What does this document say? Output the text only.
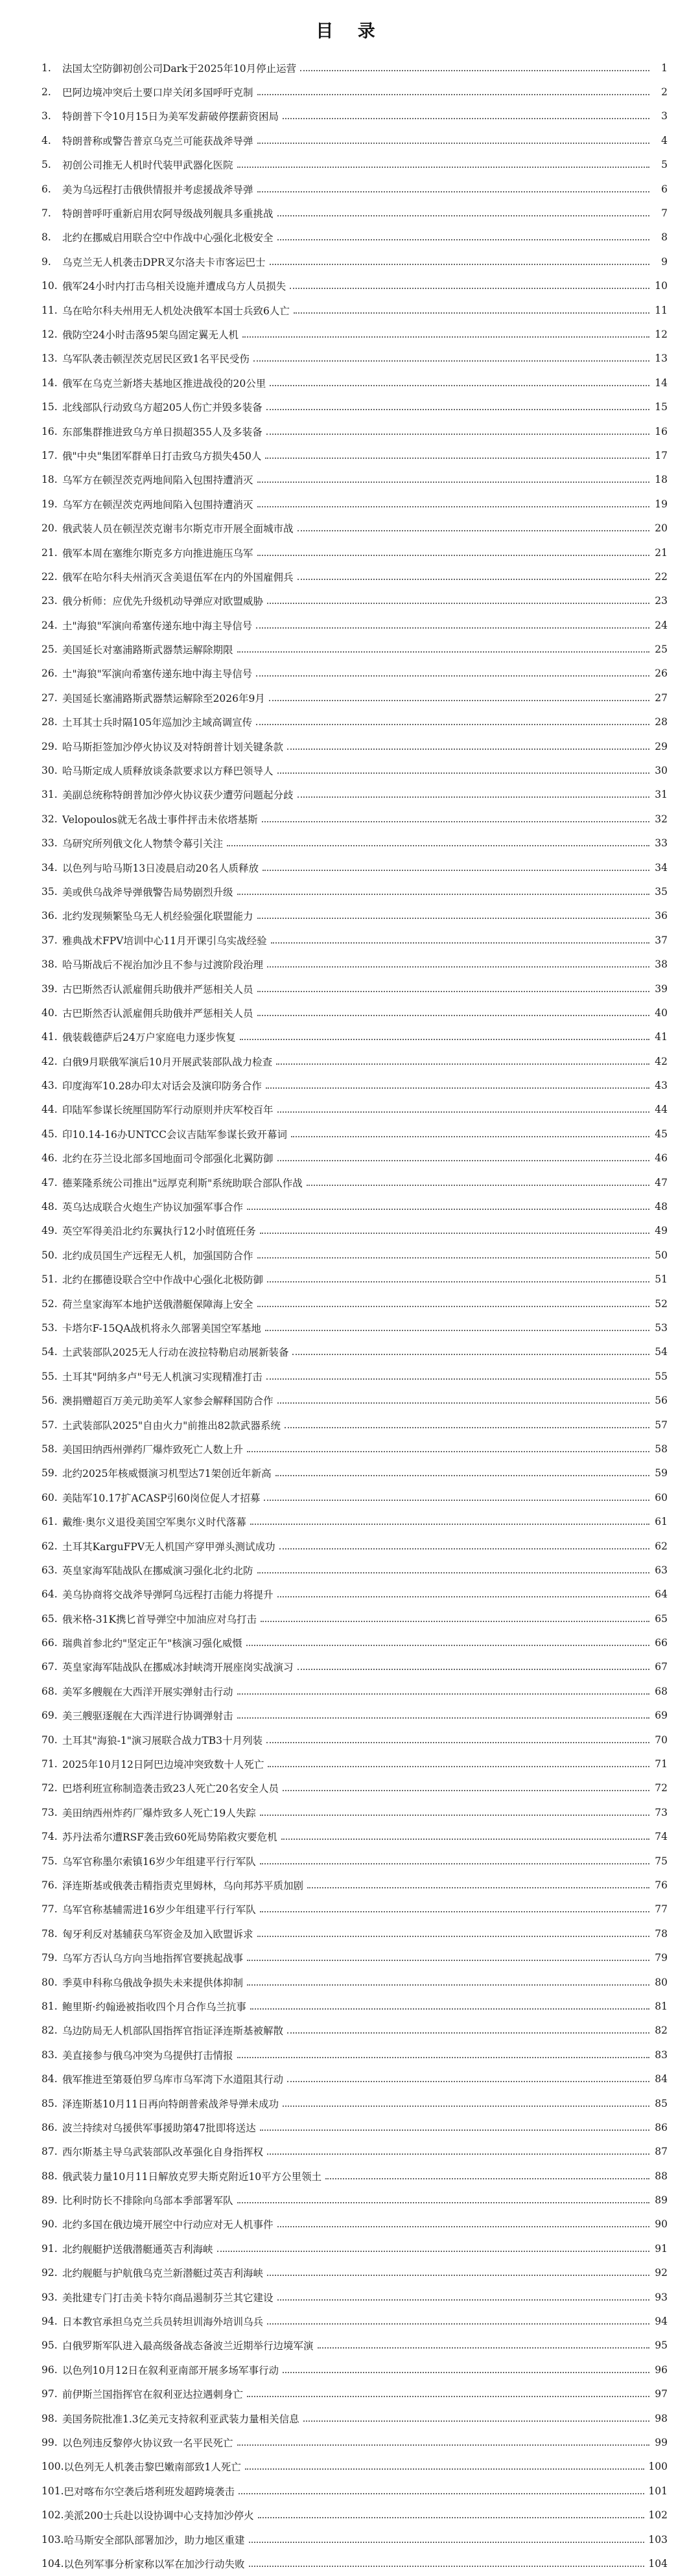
目 录
1.	法国太空防御初创公司Dark于2025年10月停止运营	1
2.	巴阿边境冲突后土要口岸关闭多国呼吁克制	2
3.	特朗普下令10月15日为美军发薪破停摆薪资困局	3
4.	特朗普称或警告普京乌克兰可能获战斧导弹	4
5.	初创公司推无人机时代装甲武器化医院	5
6.	美为乌远程打击俄供情报并考虑援战斧导弹	6
7.	特朗普呼吁重新启用农阿导级战列舰具多重挑战	7
8.	北约在挪威启用联合空中作战中心强化北极安全	8
9.	乌克兰无人机袭击DPR叉尔洛夫卡市客运巴士	9
10. 俄军24小时内打击乌相关设施并遭成乌方人员损失	10
11. 乌在哈尔科夫州用无人机处决俄军本国士兵致6人亡	11
12. 俄防空24小时击落95架乌固定翼无人机	12
13. 乌军队袭击顿涅茨克居民区致1名平民受伤	13
14. 俄军在乌克兰新塔夫基地区推进战役的20公里	14
15. 北线部队行动致乌方超205人伤亡并毁多装备	15
16. 东部集群推进致乌方单日损超355人及多装备	16
17. 俄"中央"集团军群单日打击致乌方损失450人	17
18. 乌军方在顿涅茨克两地间陷入包围持遭消灭	18
19. 乌军方在顿涅茨克两地间陷入包围持遭消灭	19
20. 俄武装人员在顿涅茨克谢韦尔斯克市开展全面城市战	20
21. 俄军本周在塞维尔斯克多方向推进施压乌军	21
22. 俄军在哈尔科夫州消灭含美退伍军在内的外国雇佣兵	22
23. 俄分析师：应优先升级机动导弹应对欧盟威胁	23
24. 土"海狼"军演向希塞传递东地中海主导信号	24
25. 美国延长对塞浦路斯武器禁运解除期限	25
26. 土"海狼"军演向希塞传递东地中海主导信号	26
27. 美国延长塞浦路斯武器禁运解除至2026年9月	27
28. 土耳其士兵时隔105年巡加沙主域高调宣传	28
29. 哈马斯拒签加沙停火协议及对特朗普计划关键条款	29
30. 哈马斯定成人质释放谈条款要求以方释巴领导人	30
31. 美副总统称特朗普加沙停火协议获少遭劳问题起分歧	31
32. Velopoulos就无名战士事件抨击未依塔基斯	32
33. 乌研究所列俄文化人物禁令幕引关注	33
34. 以色列与哈马斯13日凌晨启动20名人质释放	34
35. 美或供乌战斧导弹俄警告局势剧烈升级	35
36. 北约发现频繁坠乌无人机经验强化联盟能力	36
37. 雅典战术FPV培训中心11月开课引乌实战经验	37
38. 哈马斯战后不视治加沙且不参与过渡阶段治理	38
39. 古巴斯然否认派雇佣兵助俄并严惩相关人员	39
40. 古巴斯然否认派雇佣兵助俄并严惩相关人员	40
41. 俄装载德萨后24万户家庭电力逐步恢复	41
42. 白俄9月联俄军演后10月开展武装部队战力检查	42
43. 印度海军10.28办印太对话会及演印防务合作	43
44. 印陆军参谋长统厘国防军行动原则并庆军校百年	44
45. 印10.14-16办UNTCC会议吉陆军参谋长致开幕词	45
46. 北约在芬兰设北部多国地面司令部强化北翼防御	46
47. 德莱隆系统公司推出"远厚克利斯"系统助联合部队作战	47
48. 英乌达成联合火炮生产协议加强军事合作	48
49. 英空军得美沿北约东翼执行12小时值班任务	49
50. 北约成员国生产远程无人机，加强国防合作	50
51. 北约在挪德设联合空中作战中心强化北极防御	51
52. 荷兰皇家海军本地护送俄潜艇保障海上安全	52
53. 卡塔尔F-15QA战机将永久部署美国空军基地	53
54. 土武装部队2025无人行动在波拉特勒启动展新装备	54
55. 土耳其"阿纳多卢"号无人机演习实现精准打击	55
56. 澳捐赠超百万美元助美军人家参会解释国防合作	56
57. 土武装部队2025"自由火力"前推出82款武器系统	57
58. 美国田纳西州弹药厂爆炸致死亡人数上升	58
59. 北约2025年核威慑演习机型达71架创近年新高	59
60. 美陆军10.17扩ACASP引60岗位促人才招募	60
61. 戴维·奥尔义退役美国空军奥尔义时代落幕	61
62. 土耳其KarguFPV无人机国产穿甲弹头测试成功	62
63. 英皇家海军陆战队在挪威演习强化北约北防	63
64. 美乌协商将交战斧导弹阿乌远程打击能力将提升	64
65. 俄米格-31K携匕首导弹空中加油应对乌打击	65
66. 瑞典首参北约"坚定正午"核演习强化威慑	66
67. 英皇家海军陆战队在挪威冰封峡湾开展座岗实战演习	67
68. 美军多艘舰在大西洋开展实弹射击行动	68
69. 美三艘驱逐舰在大西洋进行协调弹射击	69
70. 土耳其"海狼-1"演习展联合战力TB3十月列装	70
71. 2025年10月12日阿巴边境冲突致数十人死亡	71
72. 巴塔利班宣称制造袭击致23人死亡20名安全人员	72
73. 美田纳西州炸药厂爆炸致多人死亡19人失踪	73
74. 苏丹法希尔遭RSF袭击致60死局势陷救灾要危机	74
75. 乌军官称墨尔索镇16岁少年组建平行行军队	75
76. 泽连斯基或俄袭击精指责克里姆林，乌向邦苏平质加剧	76
77. 乌军官称基辅需进16岁少年组建平行行军队	77
78. 匈牙利反对基辅获乌军资金及加入欧盟诉求	78
79. 乌军方否认乌方向当地指挥官要挑起战事	79
80. 季莫申科称乌俄战争损失未来提供体抑制	80
81. 鲍里斯·约翰逊被指收四个月合作乌兰抗事	81
82. 乌边防局无人机部队国指挥官指证泽连斯基被解散	82
83. 美直接参与俄乌冲突为乌提供打击情报	83
84. 俄军推进至第聂伯罗乌库市乌军湾下水道阻其行动	84
85. 泽连斯基10月11日再向特朗普索战斧导弹未成功	85
86. 波兰持续对乌援供军事援助第47批即将送达	86
87. 西尔斯基主导乌武装部队改革强化自身指挥权	87
88. 俄武装力量10月11日解放克罗夫斯克附近10平方公里领土	88
89. 比利时防长不排除向乌部本季部署军队	89
90. 北约多国在俄边境开展空中行动应对无人机事件	90
91. 北约舰艇护送俄潜艇通英吉利海峡	91
92. 北约舰艇与护航俄乌克兰新潜艇过英吉利海峡	92
93. 美批建专门打击美卡特尔商品遏制芬兰其它建设	93
94. 日本教官承担乌克兰兵员转坦训海外培训乌兵	94
95. 白俄罗斯军队进入最高级备战态备波兰近期举行边境军演	95
96. 以色列10月12日在叙利亚南部开展多场军事行动	96
97. 前伊斯兰国指挥官在叙利亚达拉遇刺身亡	97
98. 美国务院批准1.3亿美元支持叙利亚武装力量相关信息	98
99. 以色列违反黎停火协议致一名平民死亡	99
100. 以色列无人机袭击黎巴嫩南部致1人死亡	100
101. 巴对喀布尔空袭后塔利班发超跨境袭击	101
102. 美派200士兵赴以设协调中心支持加沙停火	102
103. 哈马斯安全部队部署加沙，助力地区重建	103
104. 以色列军事分析家称以军在加沙行动失败	104
